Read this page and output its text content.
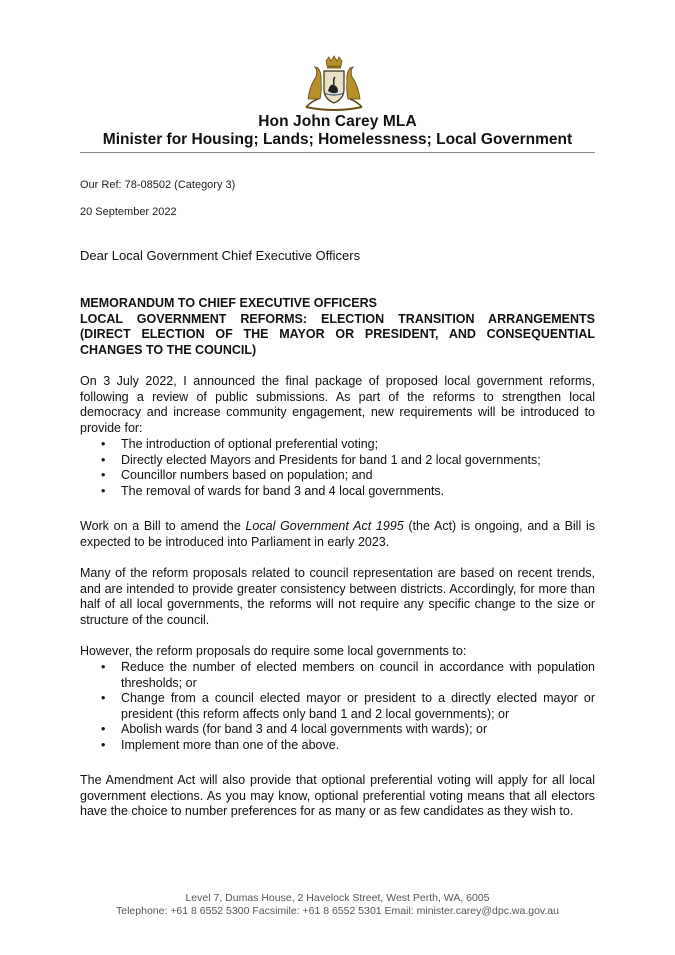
Hon John Carey MLA
Minister for Housing; Lands; Homelessness; Local Government
Our Ref: 78-08502 (Category 3)
20 September 2022
Dear Local Government Chief Executive Officers
MEMORANDUM TO CHIEF EXECUTIVE OFFICERS
LOCAL GOVERNMENT REFORMS: ELECTION TRANSITION ARRANGEMENTS (DIRECT ELECTION OF THE MAYOR OR PRESIDENT, AND CONSEQUENTIAL CHANGES TO THE COUNCIL)

On 3 July 2022, I announced the final package of proposed local government reforms, following a review of public submissions. As part of the reforms to strengthen local democracy and increase community engagement, new requirements will be introduced to provide for:

• The introduction of optional preferential voting;
• Directly elected Mayors and Presidents for band 1 and 2 local governments;
• Councillor numbers based on population; and
• The removal of wards for band 3 and 4 local governments.

Work on a Bill to amend the Local Government Act 1995 (the Act) is ongoing, and a Bill is expected to be introduced into Parliament in early 2023.

Many of the reform proposals related to council representation are based on recent trends, and are intended to provide greater consistency between districts. Accordingly, for more than half of all local governments, the reforms will not require any specific change to the size or structure of the council.

However, the reform proposals do require some local governments to:

• Reduce the number of elected members on council in accordance with population thresholds; or
• Change from a council elected mayor or president to a directly elected mayor or president (this reform affects only band 1 and 2 local governments); or
• Abolish wards (for band 3 and 4 local governments with wards); or
• Implement more than one of the above.

The Amendment Act will also provide that optional preferential voting will apply for all local government elections. As you may know, optional preferential voting means that all electors have the choice to number preferences for as many or as few candidates as they wish to.

Level 7, Dumas House, 2 Havelock Street, West Perth, WA, 6005
Telephone: +61 8 6552 5300 Facsimile: +61 8 6552 5301 Email: minister.carey@dpc.wa.gov.au
